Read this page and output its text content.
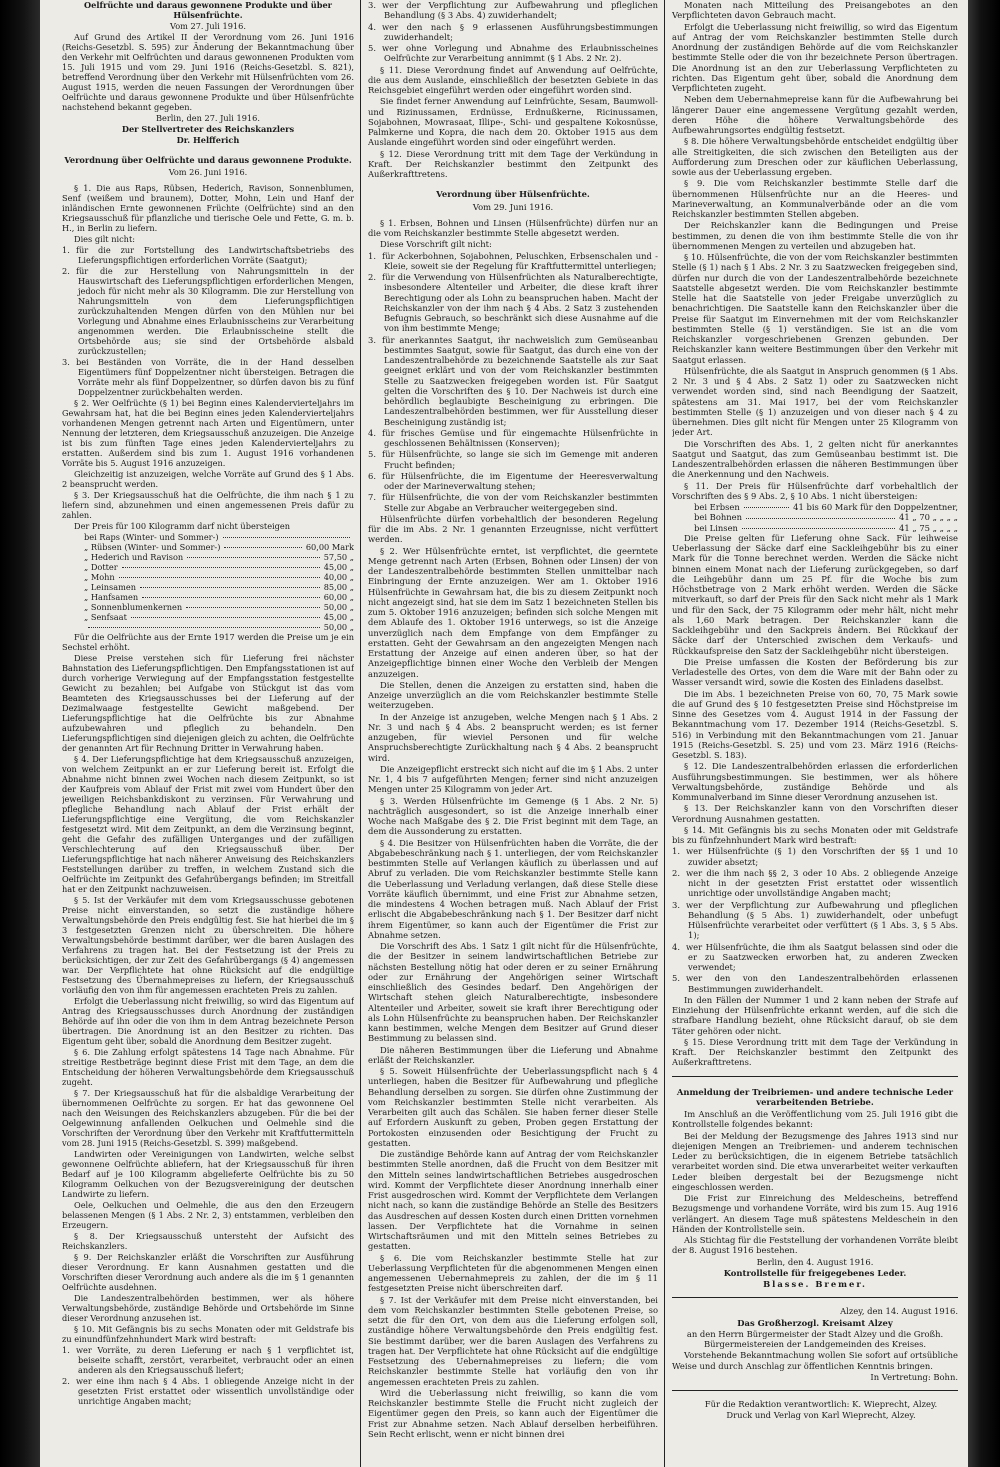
Oelfrüchte und daraus gewonnene Produkte und über Hülsenfrüchte.

Vom 27. Juli 1916.

Auf Grund des Artikel II der Verordnung vom 26. Juni 1916 (Reichs-Gesetzbl. S. 595) zur Änderung der Bekanntmachung über den Verkehr mit Oelfrüchten und daraus gewonnenen Produkten vom 15. Juli 1915 und vom 29. Juni 1916 (Reichs-Gesetzbl. S. 821), betreffend Verordnung über den Verkehr mit Hülsenfrüchten vom 26. August 1915, werden die neuen Fassungen der Verordnungen über Oelfrüchte und daraus gewonnene Produkte und über Hülsenfrüchte nachstehend bekannt gegeben.

Berlin, den 27. Juli 1916.

Der Stellvertreter des Reichskanzlers

Dr. Helfferich

Verordnung über Oelfrüchte und daraus gewonnene Produkte.

Vom 26. Juni 1916.

§ 1. Die aus Raps, Rübsen, Hederich, Ravison, Sonnenblumen, Senf (weißem und braunem), Dotter, Mohn, Lein und Hanf der inländischen Ernte gewonnenen Früchte (Oelfrüchte) sind an den Kriegsausschuß für pflanzliche und tierische Oele und Fette, G. m. b. H., in Berlin zu liefern.

Dies gilt nicht:

1. für die zur Fortstellung des Landwirtschaftsbetriebs des Lieferungspflichtigen erforderlichen Vorräte (Saatgut);

2. für die zur Herstellung von Nahrungsmitteln in der Hauswirtschaft des Lieferungspflichtigen erforderlichen Mengen, jedoch für nicht mehr als 30 Kilogramm. Die zur Herstellung von Nahrungsmitteln von dem Lieferungspflichtigen zurückzuhaltenden Mengen dürfen von den Mühlen nur bei Vorlegung und Abnahme eines Erlaubnisscheins zur Verarbeitung angenommen werden. Die Erlaubnisscheine stellt die Ortsbehörde aus; sie sind der Ortsbehörde alsbald zurückzustellen;

3. bei Beständen von Vorräte, die in der Hand desselben Eigentümers fünf Doppelzentner nicht übersteigen. Betragen die Vorräte mehr als fünf Doppelzentner, so dürfen davon bis zu fünf Doppelzentner zurückbehalten werden.

§ 2. Wer Oelfrüchte (§ 1) bei Beginn eines Kalendervierteljahrs im Gewahrsam hat, hat die bei Beginn eines jeden Kalendervierteljahrs vorhandenen Mengen getrennt nach Arten und Eigentümern, unter Nennung der letzteren, dem Kriegsausschuß anzuzeigen. Die Anzeige ist bis zum fünften Tage eines jeden Kalendervierteljahrs zu erstatten. Außerdem sind bis zum 1. August 1916 vorhandenen Vorräte bis 5. August 1916 anzuzeigen.

Gleichzeitig ist anzuzeigen, welche Vorräte auf Grund des § 1 Abs. 2 beansprucht werden.

§ 3. Der Kriegsausschuß hat die Oelfrüchte, die ihm nach § 1 zu liefern sind, abzunehmen und einen angemessenen Preis dafür zu zahlen.

Der Preis für 100 Kilogramm darf nicht übersteigen

bei Raps (Winter- und Sommer-)
„ Rübsen (Winter- und Sommer-)	60,00 Mark
„ Hederich und Ravison	57,50 „
„ Dotter	45,00 „
„ Mohn	40,00 „
„ Leinsamen	85,00 „
„ Hanfsamen	60,00 „
„ Sonnenblumenkernen	50,00 „
„ Senfsaat	45,00 „
50,00 „

Für die Oelfrüchte aus der Ernte 1917 werden die Preise um je ein Sechstel erhöht.

Diese Preise verstehen sich für Lieferung frei nächster Bahnstation des Lieferungspflichtigen. Den Empfangsstationen ist auf durch vorherige Verwiegung auf der Empfangsstation festgestellte Gewicht zu bezahlen; bei Aufgabe von Stückgut ist das vom Beamteten des Kriegsausschusses bei der Lieferung auf der Dezimalwaage festgestellte Gewicht maßgebend. Der Lieferungspflichtige hat die Oelfrüchte bis zur Abnahme aufzubewahren und pfleglich zu behandeln. Den Lieferungspflichtigen sind diejenigen gleich zu achten, die Oelfrüchte der genannten Art für Rechnung Dritter in Verwahrung haben.

§ 4. Der Lieferungspflichtige hat dem Kriegsausschuß anzuzeigen, von welchem Zeitpunkt an er zur Lieferung bereit ist. Erfolgt die Abnahme nicht binnen zwei Wochen nach diesem Zeitpunkt, so ist der Kaufpreis vom Ablauf der Frist mit zwei vom Hundert über den jeweiligen Reichsbankdiskont zu verzinsen. Für Verwahrung und pflegliche Behandlung nach Ablauf der Frist erhält der Lieferungspflichtige eine Vergütung, die vom Reichskanzler festgesetzt wird. Mit dem Zeitpunkt, an dem die Verzinsung beginnt, geht die Gefahr des zufälligen Unterganges und der zufälligen Verschlechterung auf den Kriegsausschuß über. Der Lieferungspflichtige hat nach näherer Anweisung des Reichskanzlers Feststellungen darüber zu treffen, in welchem Zustand sich die Oelfrüchte im Zeitpunkt des Gefahrübergangs befinden; im Streitfall hat er den Zeitpunkt nachzuweisen.

§ 5. Ist der Verkäufer mit dem vom Kriegsausschusse gebotenen Preise nicht einverstanden, so setzt die zuständige höhere Verwaltungsbehörde den Preis endgültig fest. Sie hat hierbei die im § 3 festgesetzten Grenzen nicht zu überschreiten. Die höhere Verwaltungsbehörde bestimmt darüber, wer die baren Auslagen des Verfahrens zu tragen hat. Bei der Festsetzung ist der Preis zu berücksichtigen, der zur Zeit des Gefahrübergangs (§ 4) angemessen war. Der Verpflichtete hat ohne Rücksicht auf die endgültige Festsetzung des Übernahmepreises zu liefern, der Kriegsausschuß vorläufig den von ihm für angemessen erachteten Preis zu zahlen.

Erfolgt die Ueberlassung nicht freiwillig, so wird das Eigentum auf Antrag des Kriegsausschusses durch Anordnung der zuständigen Behörde auf ihn oder die von ihm in dem Antrag bezeichnete Person übertragen. Die Anordnung ist an den Besitzer zu richten. Das Eigentum geht über, sobald die Anordnung dem Besitzer zugeht.

§ 6. Die Zahlung erfolgt spätestens 14 Tage nach Abnahme. Für streitige Restbeträge beginnt diese Frist mit dem Tage, an dem die Entscheidung der höheren Verwaltungsbehörde dem Kriegsausschuß zugeht.

§ 7. Der Kriegsausschuß hat für die alsbaldige Verarbeitung der übernommenen Oelfrüchte zu sorgen. Er hat das gewonnene Oel nach den Weisungen des Reichskanzlers abzugeben. Für die bei der Oelgewinnung anfallenden Oelkuchen und Oelmehle sind die Vorschriften der Verordnung über den Verkehr mit Kraftfuttermitteln vom 28. Juni 1915 (Reichs-Gesetzbl. S. 399) maßgebend.

Landwirten oder Vereinigungen von Landwirten, welche selbst gewonnene Oelfrüchte abliefern, hat der Kriegsausschuß für ihren Bedarf auf je 100 Kilogramm abgelieferte Oelfrüchte bis zu 50 Kilogramm Oelkuchen von der Bezugsvereinigung der deutschen Landwirte zu liefern.

Oele, Oelkuchen und Oelmehle, die aus den den Erzeugern belassenen Mengen (§ 1 Abs. 2 Nr. 2, 3) entstammen, verbleiben den Erzeugern.

§ 8. Der Kriegsausschuß untersteht der Aufsicht des Reichskanzlers.

§ 9. Der Reichskanzler erläßt die Vorschriften zur Ausführung dieser Verordnung. Er kann Ausnahmen gestatten und die Vorschriften dieser Verordnung auch andere als die im § 1 genannten Oelfrüchte ausdehnen.

Die Landeszentralbehörden bestimmen, wer als höhere Verwaltungsbehörde, zuständige Behörde und Ortsbehörde im Sinne dieser Verordnung anzusehen ist.

§ 10. Mit Gefängnis bis zu sechs Monaten oder mit Geldstrafe bis zu einundfünfzehnhundert Mark wird bestraft:

1. wer Vorräte, zu deren Lieferung er nach § 1 verpflichtet ist, beiseite schafft, zerstört, verarbeitet, verbraucht oder an einen anderen als den Kriegsausschuß liefert;

2. wer eine ihm nach § 4 Abs. 1 obliegende Anzeige nicht in der gesetzten Frist erstattet oder wissentlich unvollständige oder unrichtige Angaben macht;

3. wer der Verpflichtung zur Aufbewahrung und pfleglichen Behandlung (§ 3 Abs. 4) zuwiderhandelt;

4. wer den nach § 9 erlassenen Ausführungsbestimmungen zuwiderhandelt;

5. wer ohne Vorlegung und Abnahme des Erlaubnisscheines Oelfrüchte zur Verarbeitung annimmt (§ 1 Abs. 2 Nr. 2).

§ 11. Diese Verordnung findet auf Anwendung auf Oelfrüchte, die aus dem Auslande, einschließlich der besetzten Gebiete in das Reichsgebiet eingeführt werden oder eingeführt worden sind.

Sie findet ferner Anwendung auf Leinfrüchte, Sesam, Baumwoll- und Rizinussamen, Erdnüsse, Erdnußkerne, Ricinussamen, Sojabohnen, Mowrasaat, Illipe-, Schi- und gespaltene Kokosnüsse, Palmkerne und Kopra, die nach dem 20. Oktober 1915 aus dem Auslande eingeführt worden sind oder eingeführt werden.

§ 12. Diese Verordnung tritt mit dem Tage der Verkündung in Kraft. Der Reichskanzler bestimmt den Zeitpunkt des Außerkrafttretens.

Verordnung über Hülsenfrüchte.

Vom 29. Juni 1916.

§ 1. Erbsen, Bohnen und Linsen (Hülsenfrüchte) dürfen nur an die vom Reichskanzler bestimmte Stelle abgesetzt werden.

Diese Vorschrift gilt nicht:

1. für Ackerbohnen, Sojabohnen, Peluschken, Erbsenschalen und -Kleie, soweit sie der Regelung für Kraftfuttermittel unterliegen;

2. für die Verwendung von Hülsenfrüchten als Naturalberechtigte, insbesondere Altenteiler und Arbeiter, die diese kraft ihrer Berechtigung oder als Lohn zu beanspruchen haben. Macht der Reichskanzler von der ihm nach § 4 Abs. 2 Satz 3 zustehenden Befugnis Gebrauch, so beschränkt sich diese Ausnahme auf die von ihm bestimmte Menge;

3. für anerkanntes Saatgut, ihr nachweislich zum Gemüseanbau bestimmtes Saatgut, sowie für Saatgut, das durch eine von der Landeszentralbehörde zu bezeichnende Saatstelle als zur Saat geeignet erklärt und von der vom Reichskanzler bestimmten Stelle zu Saatzwecken freigegeben worden ist. Für Saatgut gelten die Vorschriften des § 10. Der Nachweis ist durch eine behördlich beglaubigte Bescheinigung zu erbringen. Die Landeszentralbehörden bestimmen, wer für Ausstellung dieser Bescheinigung zuständig ist;

4. für frisches Gemüse und für eingemachte Hülsenfrüchte in geschlossenen Behältnissen (Konserven);

5. für Hülsenfrüchte, so lange sie sich im Gemenge mit anderen Frucht befinden;

6. für Hülsenfrüchte, die im Eigentume der Heeresverwaltung oder der Marineverwaltung stehen;

7. für Hülsenfrüchte, die von der vom Reichskanzler bestimmten Stelle zur Abgabe an Verbraucher weitergegeben sind.

Hülsenfrüchte dürfen vorbehaltlich der besonderen Regelung für die im Abs. 2 Nr. 1 genannten Erzeugnisse, nicht verfüttert werden.

§ 2. Wer Hülsenfrüchte erntet, ist verpflichtet, die geerntete Menge getrennt nach Arten (Erbsen, Bohnen oder Linsen) der von der Landeszentralbehörde bestimmten Stellen unmittelbar nach Einbringung der Ernte anzuzeigen. Wer am 1. Oktober 1916 Hülsenfrüchte in Gewahrsam hat, die bis zu diesem Zeitpunkt noch nicht angezeigt sind, hat sie dem im Satz 1 bezeichneten Stellen bis zum 5. Oktober 1916 anzuzeigen; befinden sich solche Mengen mit dem Ablaufe des 1. Oktober 1916 unterwegs, so ist die Anzeige unverzüglich nach dem Empfange von dem Empfänger zu erstatten. Geht der Gewahrsam an den angezeigten Mengen nach Erstattung der Anzeige auf einen anderen über, so hat der Anzeigepflichtige binnen einer Woche den Verbleib der Mengen anzuzeigen.

Die Stellen, denen die Anzeigen zu erstatten sind, haben die Anzeige unverzüglich an die vom Reichskanzler bestimmte Stelle weiterzugeben.

In der Anzeige ist anzugeben, welche Mengen nach § 1 Abs. 2 Nr. 3 und nach § 4 Abs. 2 beansprucht werden; es ist ferner anzugeben, für wieviel Personen und für welche Anspruchsberechtigte Zurückhaltung nach § 4 Abs. 2 beansprucht wird.

Die Anzeigepflicht erstreckt sich nicht auf die im § 1 Abs. 2 unter Nr. 1, 4 bis 7 aufgeführten Mengen; ferner sind nicht anzuzeigen Mengen unter 25 Kilogramm von jeder Art.

§ 3. Werden Hülsenfrüchte im Gemenge (§ 1 Abs. 2 Nr. 5) nachträglich ausgesondert, so ist die Anzeige innerhalb einer Woche nach Maßgabe des § 2. Die Frist beginnt mit dem Tage, an dem die Aussonderung zu erstatten.

§ 4. Die Besitzer von Hülsenfrüchten haben die Vorräte, die der Abgabebeschränkung nach § 1. unterliegen, der vom Reichskanzler bestimmten Stelle auf Verlangen käuflich zu überlassen und auf Abruf zu verladen. Die vom Reichskanzler bestimmte Stelle kann die Ueberlassung und Verladung verlangen, daß diese Stelle diese Vorräte käuflich übernimmt, und eine Frist zur Abnahme setzen, die mindestens 4 Wochen betragen muß. Nach Ablauf der Frist erlischt die Abgabebeschränkung nach § 1. Der Besitzer darf nicht ihrem Eigentümer, so kann auch der Eigentümer die Frist zur Abnahme setzen.

Die Vorschrift des Abs. 1 Satz 1 gilt nicht für die Hülsenfrüchte, die der Besitzer in seinem landwirtschaftlichen Betriebe zur nächsten Bestellung nötig hat oder deren er zu seiner Ernährung oder zur Ernährung der Angehörigen seiner Wirtschaft einschließlich des Gesindes bedarf. Den Angehörigen der Wirtschaft stehen gleich Naturalberechtigte, insbesondere Altenteiler und Arbeiter, soweit sie kraft ihrer Berechtigung oder als Lohn Hülsenfrüchte zu beanspruchen haben. Der Reichskanzler kann bestimmen, welche Mengen dem Besitzer auf Grund dieser Bestimmung zu belassen sind.

Die näheren Bestimmungen über die Lieferung und Abnahme erläßt der Reichskanzler.

§ 5. Soweit Hülsenfrüchte der Ueberlassungspflicht nach § 4 unterliegen, haben die Besitzer für Aufbewahrung und pflegliche Behandlung derselben zu sorgen. Sie dürfen ohne Zustimmung der vom Reichskanzler bestimmten Stelle nicht verarbeiten. Als Verarbeiten gilt auch das Schälen. Sie haben ferner dieser Stelle auf Erfordern Auskunft zu geben, Proben gegen Erstattung der Portokosten einzusenden oder Besichtigung der Frucht zu gestatten.

Die zuständige Behörde kann auf Antrag der vom Reichskanzler bestimmten Stelle anordnen, daß die Frucht von dem Besitzer mit den Mitteln seines landwirtschaftlichen Betriebes ausgedroschen wird. Kommt der Verpflichtete dieser Anordnung innerhalb einer Frist ausgedroschen wird. Kommt der Verpflichtete dem Verlangen nicht nach, so kann die zuständige Behörde an Stelle des Besitzers das Ausdreschen auf dessen Kosten durch einen Dritten vornehmen lassen. Der Verpflichtete hat die Vornahme in seinen Wirtschaftsräumen und mit den Mitteln seines Betriebes zu gestatten.

§ 6. Die vom Reichskanzler bestimmte Stelle hat zur Ueberlassung Verpflichteten für die abgenommenen Mengen einen angemessenen Uebernahmepreis zu zahlen, der die im § 11 festgesetzten Preise nicht überschreiten darf.

§ 7. Ist der Verkäufer mit dem Preise nicht einverstanden, bei dem vom Reichskanzler bestimmten Stelle gebotenen Preise, so setzt die für den Ort, von dem aus die Lieferung erfolgen soll, zuständige höhere Verwaltungsbehörde den Preis endgültig fest. Sie bestimmt darüber, wer die baren Auslagen des Verfahrens zu tragen hat. Der Verpflichtete hat ohne Rücksicht auf die endgültige Festsetzung des Uebernahmepreises zu liefern; die vom Reichskanzler bestimmte Stelle hat vorläufig den von ihr angemessen erachteten Preis zu zahlen.

Wird die Ueberlassung nicht freiwillig, so kann die vom Reichskanzler bestimmte Stelle die Frucht nicht zugleich der Eigentümer gegen den Preis, so kann auch der Eigentümer die Frist zur Abnahme setzen. Nach Ablauf derselben herbeiführen. Sein Recht erlischt, wenn er nicht binnen drei

Monaten nach Mitteilung des Preisangebotes an den Verpflichteten davon Gebrauch macht.

Erfolgt die Ueberlassung nicht freiwillig, so wird das Eigentum auf Antrag der vom Reichskanzler bestimmten Stelle durch Anordnung der zuständigen Behörde auf die vom Reichskanzler bestimmte Stelle oder die von ihr bezeichnete Person übertragen. Die Anordnung ist an den zur Ueberlassung Verpflichteten zu richten. Das Eigentum geht über, sobald die Anordnung dem Verpflichteten zugeht.

Neben dem Uebernahmepreise kann für die Aufbewahrung bei längerer Dauer eine angemessene Vergütung gezahlt werden, deren Höhe die höhere Verwaltungsbehörde des Aufbewahrungsortes endgültig festsetzt.

§ 8. Die höhere Verwaltungsbehörde entscheidet endgültig über alle Streitigkeiten, die sich zwischen den Beteiligten aus der Aufforderung zum Dreschen oder zur käuflichen Ueberlassung, sowie aus der Ueberlassung ergeben.

§ 9. Die vom Reichskanzler bestimmte Stelle darf die übernommenen Hülsenfrüchte nur an die Heeres- und Marineverwaltung, an Kommunalverbände oder an die vom Reichskanzler bestimmten Stellen abgeben.

Der Reichskanzler kann die Bedingungen und Preise bestimmen, zu denen die von ihm bestimmte Stelle die von ihr übernommenen Mengen zu verteilen und abzugeben hat.

§ 10. Hülsenfrüchte, die von der vom Reichskanzler bestimmten Stelle (§ 1) nach § 1 Abs. 2 Nr. 3 zu Saatzwecken freigegeben sind, dürfen nur durch die von der Landeszentralbehörde bezeichnete Saatstelle abgesetzt werden. Die vom Reichskanzler bestimmte Stelle hat die Saatstelle von jeder Freigabe unverzüglich zu benachrichtigen. Die Saatstelle kann den Reichskanzler über die Preise für Saatgut im Einvernehmen mit der vom Reichskanzler bestimmten Stelle (§ 1) verständigen. Sie ist an die vom Reichskanzler vorgeschriebenen Grenzen gebunden. Der Reichskanzler kann weitere Bestimmungen über den Verkehr mit Saatgut erlassen.

Hülsenfrüchte, die als Saatgut in Anspruch genommen (§ 1 Abs. 2 Nr. 3 und § 4 Abs. 2 Satz 1) oder zu Saatzwecken nicht verwendet worden sind, sind nach Beendigung der Saatzeit, spätestens am 31. Mai 1917, bei der vom Reichskanzler bestimmten Stelle (§ 1) anzuzeigen und von dieser nach § 4 zu übernehmen. Dies gilt nicht für Mengen unter 25 Kilogramm von jeder Art.

Die Vorschriften des Abs. 1, 2 gelten nicht für anerkanntes Saatgut und Saatgut, das zum Gemüseanbau bestimmt ist. Die Landeszentralbehörden erlassen die näheren Bestimmungen über die Anerkennung und den Nachweis.

§ 11. Der Preis für Hülsenfrüchte darf vorbehaltlich der Vorschriften des § 9 Abs. 2, § 10 Abs. 1 nicht übersteigen:

bei Erbsen	41 bis 60 Mark für den Doppelzentner,
bei Bohnen	41 „ 70 „ „ „ „
bei Linsen	41 „ 75 „ „ „ „

Die Preise gelten für Lieferung ohne Sack. Für leihweise Ueberlassung der Säcke darf eine Sackleihgebühr bis zu einer Mark für die Tonne berechnet werden. Werden die Säcke nicht binnen einem Monat nach der Lieferung zurückgegeben, so darf die Leihgebühr dann um 25 Pf. für die Woche bis zum Höchstbetrage von 2 Mark erhöht werden. Werden die Säcke mitverkauft, so darf der Preis für den Sack nicht mehr als 1 Mark und für den Sack, der 75 Kilogramm oder mehr hält, nicht mehr als 1,60 Mark betragen. Der Reichskanzler kann die Sackleihgebühr und den Sackpreis ändern. Bei Rückkauf der Säcke darf der Unterschied zwischen dem Verkaufs- und Rückkaufspreise den Satz der Sackleihgebühr nicht übersteigen.

Die Preise umfassen die Kosten der Beförderung bis zur Verladestelle des Ortes, von dem die Ware mit der Bahn oder zu Wasser versandt wird, sowie die Kosten des Einladens daselbst.

Die im Abs. 1 bezeichneten Preise von 60, 70, 75 Mark sowie die auf Grund des § 10 festgesetzten Preise sind Höchstpreise im Sinne des Gesetzes vom 4. August 1914 in der Fassung der Bekanntmachung vom 17. Dezember 1914 (Reichs-Gesetzbl. S. 516) in Verbindung mit den Bekanntmachungen vom 21. Januar 1915 (Reichs-Gesetzbl. S. 25) und vom 23. März 1916 (Reichs-Gesetzbl. S. 183).

§ 12. Die Landeszentralbehörden erlassen die erforderlichen Ausführungsbestimmungen. Sie bestimmen, wer als höhere Verwaltungsbehörde, zuständige Behörde und als Kommunalverband im Sinne dieser Verordnung anzusehen ist.

§ 13. Der Reichskanzler kann von den Vorschriften dieser Verordnung Ausnahmen gestatten.

§ 14. Mit Gefängnis bis zu sechs Monaten oder mit Geldstrafe bis zu fünfzehnhundert Mark wird bestraft:

1. wer Hülsenfrüchte (§ 1) den Vorschriften der §§ 1 und 10 zuwider absetzt;

2. wer die ihm nach §§ 2, 3 oder 10 Abs. 2 obliegende Anzeige nicht in der gesetzten Frist erstattet oder wissentlich unrichtige oder unvollständige Angaben macht;

3. wer der Verpflichtung zur Aufbewahrung und pfleglichen Behandlung (§ 5 Abs. 1) zuwiderhandelt, oder unbefugt Hülsenfrüchte verarbeitet oder verfüttert (§ 1 Abs. 3, § 5 Abs. 1);

4. wer Hülsenfrüchte, die ihm als Saatgut belassen sind oder die er zu Saatzwecken erworben hat, zu anderen Zwecken verwendet;

5. wer den von den Landeszentralbehörden erlassenen Bestimmungen zuwiderhandelt.

In den Fällen der Nummer 1 und 2 kann neben der Strafe auf Einziehung der Hülsenfrüchte erkannt werden, auf die sich die strafbare Handlung bezieht, ohne Rücksicht darauf, ob sie dem Täter gehören oder nicht.

§ 15. Diese Verordnung tritt mit dem Tage der Verkündung in Kraft. Der Reichskanzler bestimmt den Zeitpunkt des Außerkrafttretens.

Anmeldung der Treibriemen- und andere technische Leder verarbeitenden Betriebe.

Im Anschluß an die Veröffentlichung vom 25. Juli 1916 gibt die Kontrollstelle folgendes bekannt:

Bei der Meldung der Bezugsmenge des Jahres 1913 sind nur diejenigen Mengen an Treibriemen- und anderem technischen Leder zu berücksichtigen, die in eigenem Betriebe tatsächlich verarbeitet worden sind. Die etwa unverarbeitet weiter verkauften Leder bleiben dergestalt bei der Bezugsmenge nicht eingeschlossen werden.

Die Frist zur Einreichung des Meldescheins, betreffend Bezugsmenge und vorhandene Vorräte, wird bis zum 15. Aug 1916 verlängert. An diesem Tage muß spätestens Meldeschein in den Händen der Kontrollstelle sein.

Als Stichtag für die Feststellung der vorhandenen Vorräte bleibt der 8. August 1916 bestehen.

Berlin, den 4. August 1916.

Kontrollstelle für freigegebenes Leder.

Blasse. Bremer.

Alzey, den 14. August 1916.

Das Großherzogl. Kreisamt Alzey

an den Herrn Bürgermeister der Stadt Alzey und die Großh. Bürgermeistereien der Landgemeinden des Kreises.

Vorstehende Bekanntmachung wollen Sie sofort auf ortsübliche Weise und durch Anschlag zur öffentlichen Kenntnis bringen.

In Vertretung: Bohn.

Für die Redaktion verantwortlich: K. Wieprecht, Alzey.

Druck und Verlag von Karl Wieprecht, Alzey.
